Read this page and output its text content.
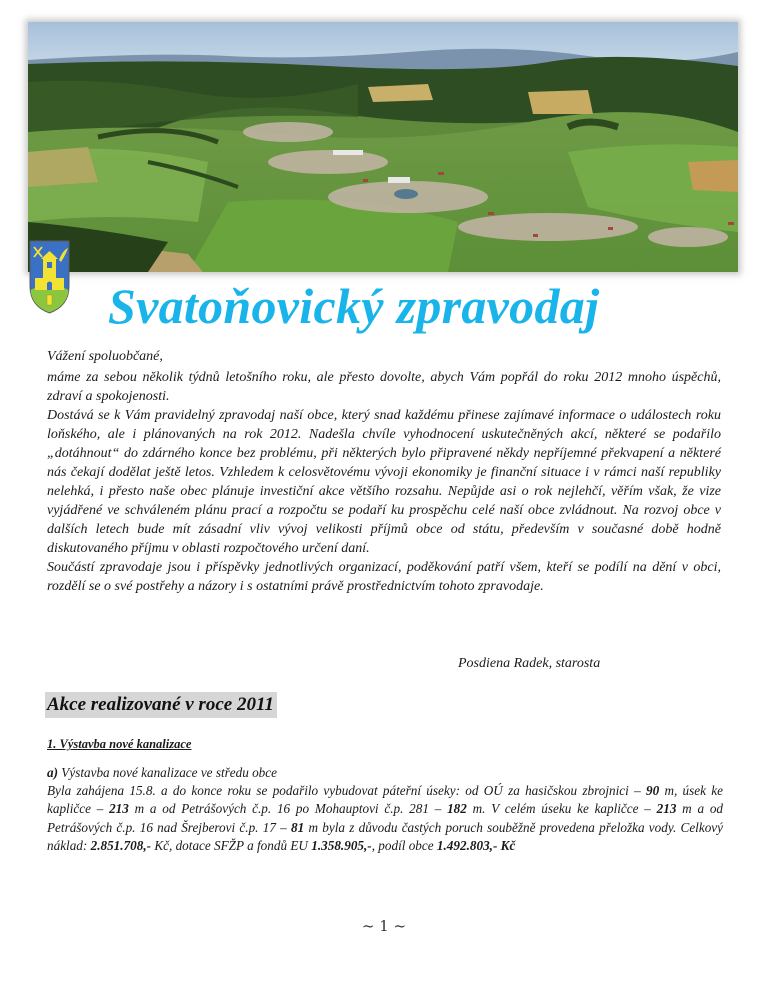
Svatoňovický zpravodaj
Vážení spoluobčané,

máme za sebou několik týdnů letošního roku, ale přesto dovolte, abych Vám popřál do roku 2012 mnoho úspěchů, zdraví a spokojenosti.

Dostává se k Vám pravidelný zpravodaj naší obce, který snad každému přinese zajímavé informace o událostech roku loňského, ale i plánovaných na rok 2012. Nadešla chvíle vyhodnocení uskutečněných akcí, některé se podařilo „dotáhnout“ do zdárného konce bez problému, při některých bylo připravené někdy nepříjemné překvapení a některé nás čekají dodělat ještě letos. Vzhledem k celosvětovému vývoji ekonomiky je finanční situace i v rámci naší republiky nelehká, i přesto naše obec plánuje investiční akce většího rozsahu. Nepůjde asi o rok nejlehčí, věřím však, že vize vyjádřené ve schváleném plánu prací a rozpočtu se podaří ku prospěchu celé naší obce zvládnout. Na rozvoj obce v dalších letech bude mít zásadní vliv vývoj velikosti příjmů obce od státu, především v současné době hodně diskutovaného příjmu v oblasti rozpočtového určení daní.

Součástí zpravodaje jsou i příspěvky jednotlivých organizací, poděkování patří všem, kteří se podílí na dění v obci, rozdělí se o své postřehy a názory i s ostatními právě prostřednictvím tohoto zpravodaje.

Posdiena Radek, starosta
Akce realizované v roce 2011
1. Výstavba nové kanalizace
a) Výstavba nové kanalizace ve středu obce
Byla zahájena 15.8. a do konce roku se podařilo vybudovat páteřní úseky: od OÚ za hasičskou zbrojnici – 90 m, úsek ke kapličce – 213 m a od Petrášových č.p. 16 po Mohauptovi č.p. 281 – 182 m. V celém úseku ke kapličce – 213 m a od Petrášových č.p. 16 nad Šrejberovi č.p. 17 – 81 m byla z důvodu častých poruch souběžně provedena přeložka vody. Celkový náklad: 2.851.708,- Kč, dotace SFŽP a fondů EU 1.358.905,-, podíl obce 1.492.803,- Kč
~ 1 ~
